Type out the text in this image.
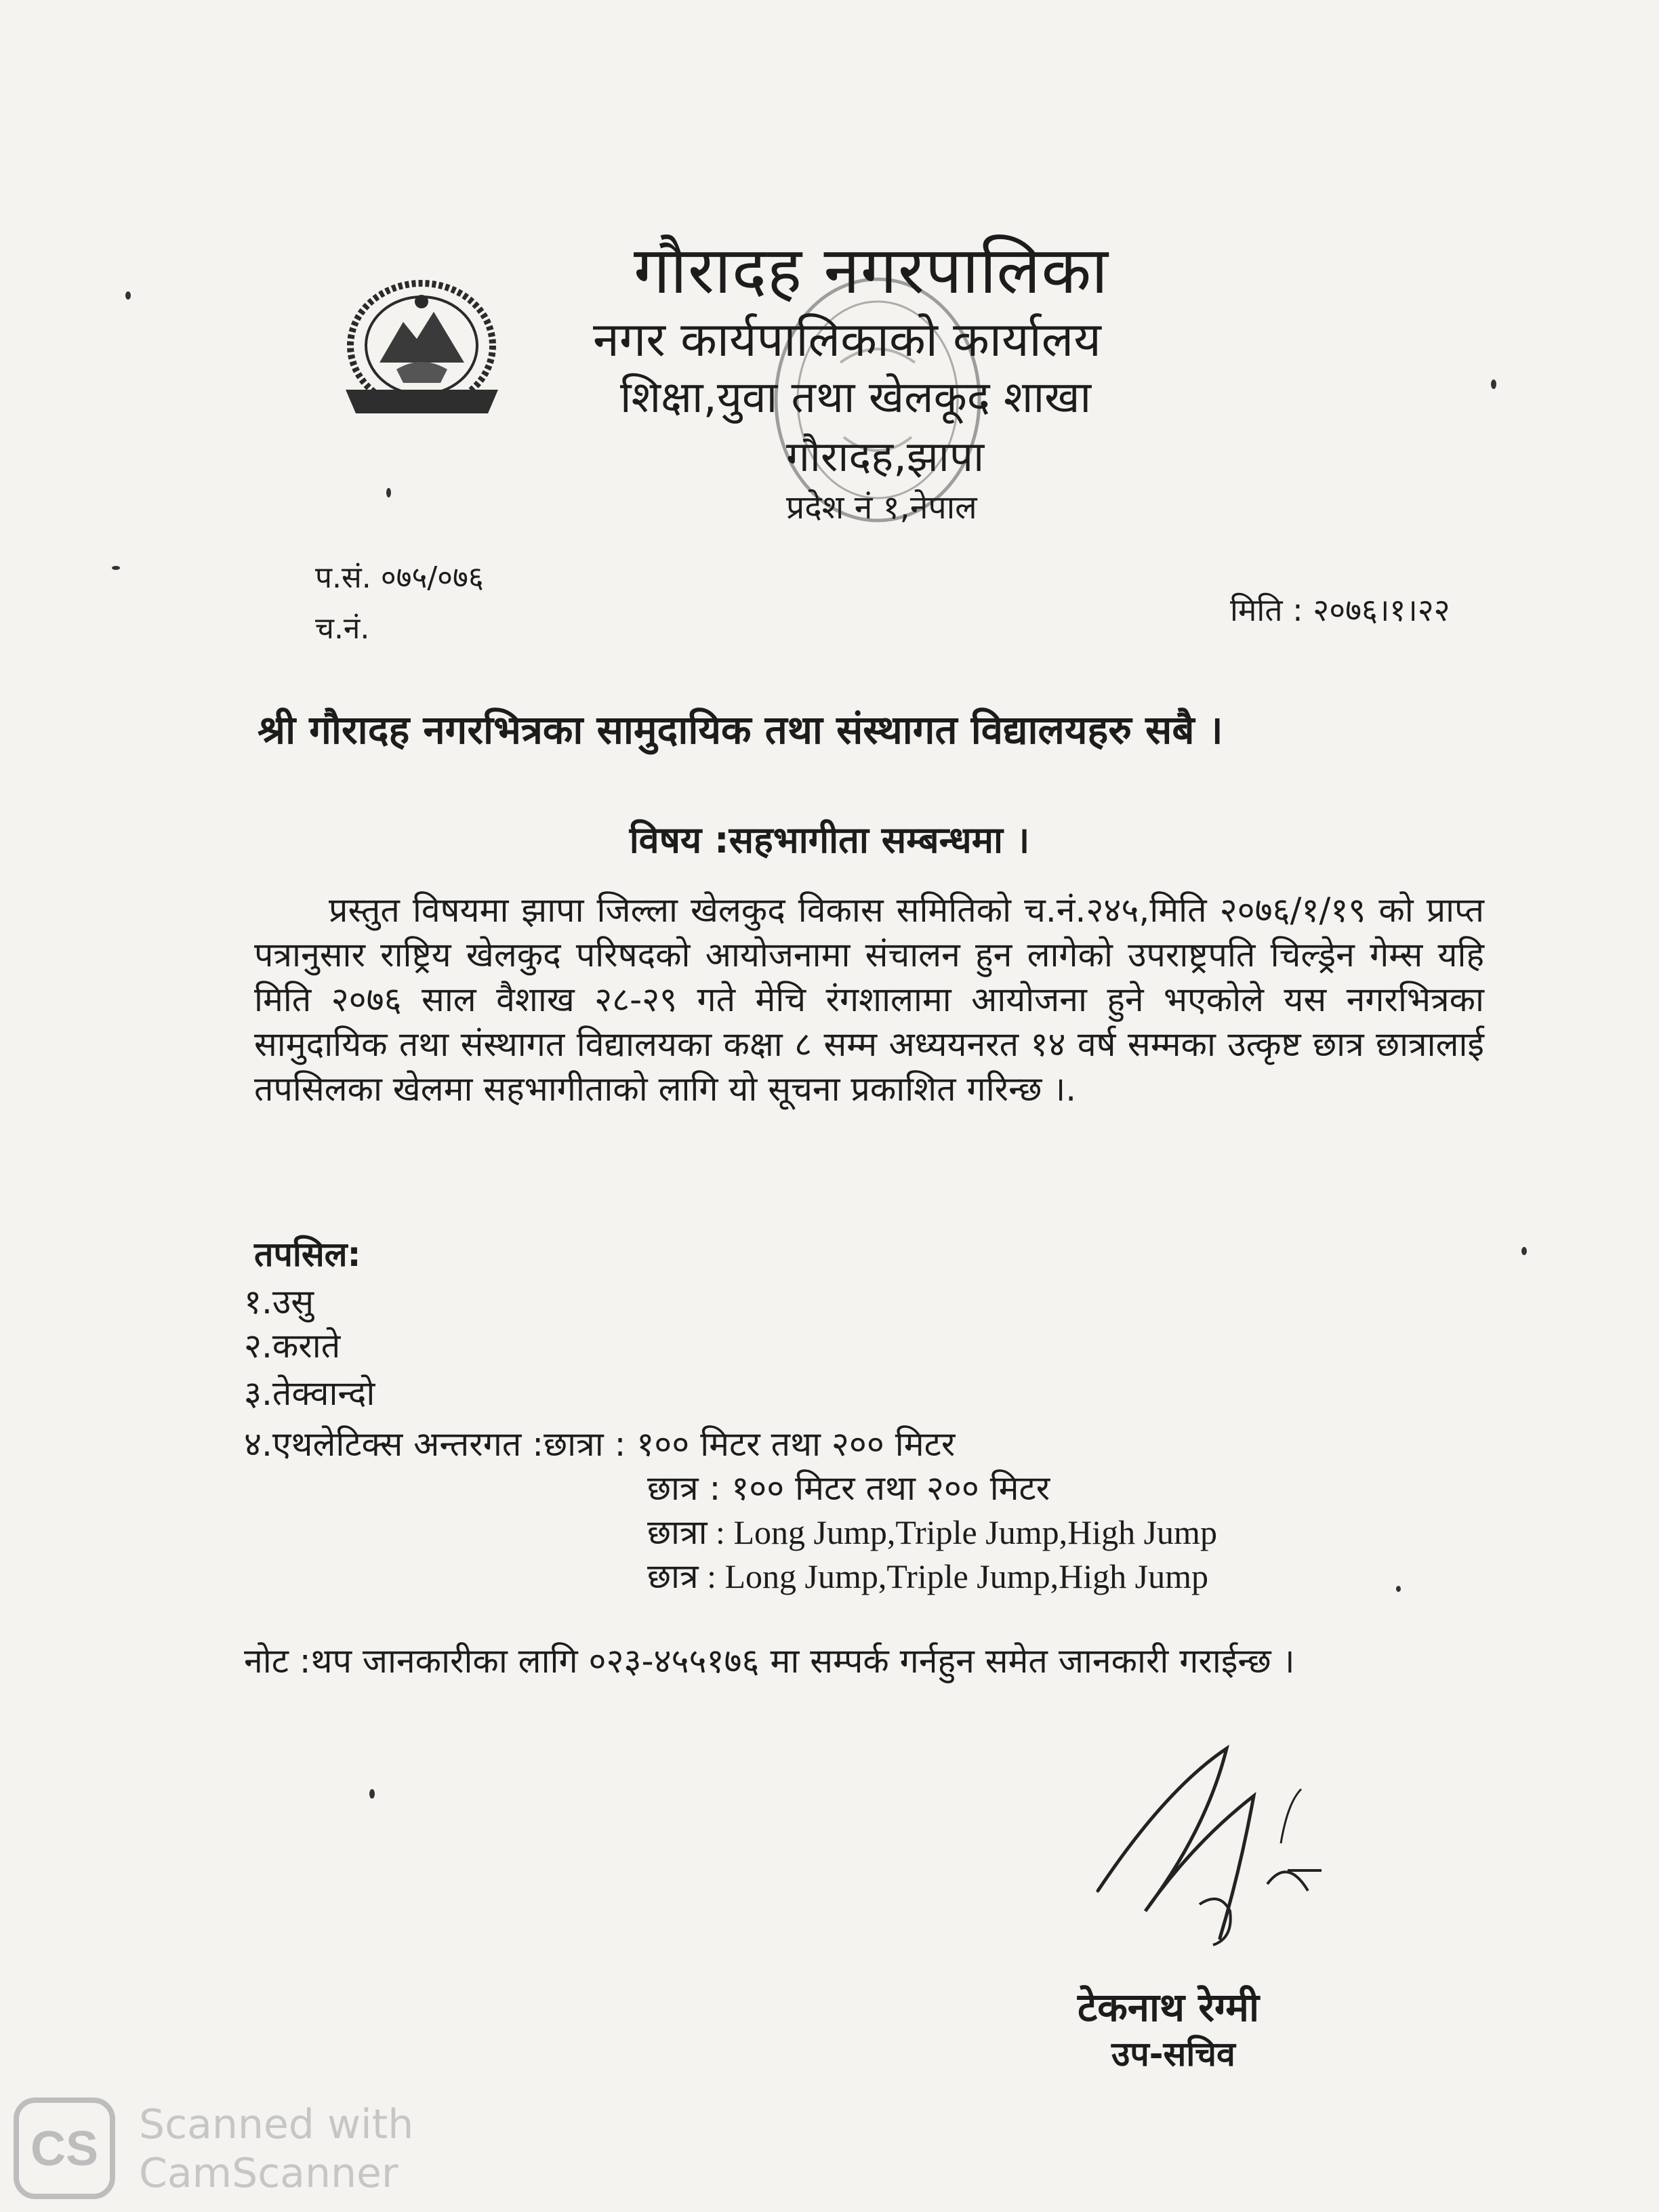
गौरादह नगरपालिका
नगर कार्यपालिकाको कार्यालय
शिक्षा,युवा तथा खेलकूद शाखा
गौरादह,झापा
प्रदेश नं १,नेपाल
प.सं. ०७५/०७६
च.नं.
मिति : २०७६।१।२२
श्री गौरादह नगरभित्रका सामुदायिक तथा संस्थागत विद्यालयहरु सबै ।
विषय :सहभागीता सम्बन्धमा ।

प्रस्तुत विषयमा झापा जिल्ला खेलकुद विकास समितिको च.नं.२४५,मिति २०७६/१/१९ को प्राप्त पत्रानुसार राष्ट्रिय खेलकुद परिषदको आयोजनामा संचालन हुन लागेको उपराष्ट्रपति चिल्ड्रेन गेम्स यहि मिति २०७६ साल वैशाख २८-२९ गते मेचि रंगशालामा आयोजना हुने भएकोले यस नगरभित्रका सामुदायिक तथा संस्थागत विद्यालयका कक्षा ८ सम्म अध्ययनरत १४ वर्ष सम्मका उत्कृष्ट छात्र छात्रालाई तपसिलका खेलमा सहभागीताको लागि यो सूचना प्रकाशित गरिन्छ ।.

तपसिल:
१.उसु
२.कराते
३.तेक्वान्दो
४.एथलेटिक्स अन्तरगत :छात्रा : १०० मिटर तथा २०० मिटर
छात्र : १०० मिटर तथा २०० मिटर
छात्रा : Long Jump,Triple Jump,High Jump
छात्र : Long Jump,Triple Jump,High Jump

नोट :थप जानकारीका लागि ०२३-४५५१७६ मा सम्पर्क गर्नहुन समेत जानकारी गराईन्छ ।

टेकनाथ रेग्मी
उप-सचिव
CS Scanned with
CamScanner
